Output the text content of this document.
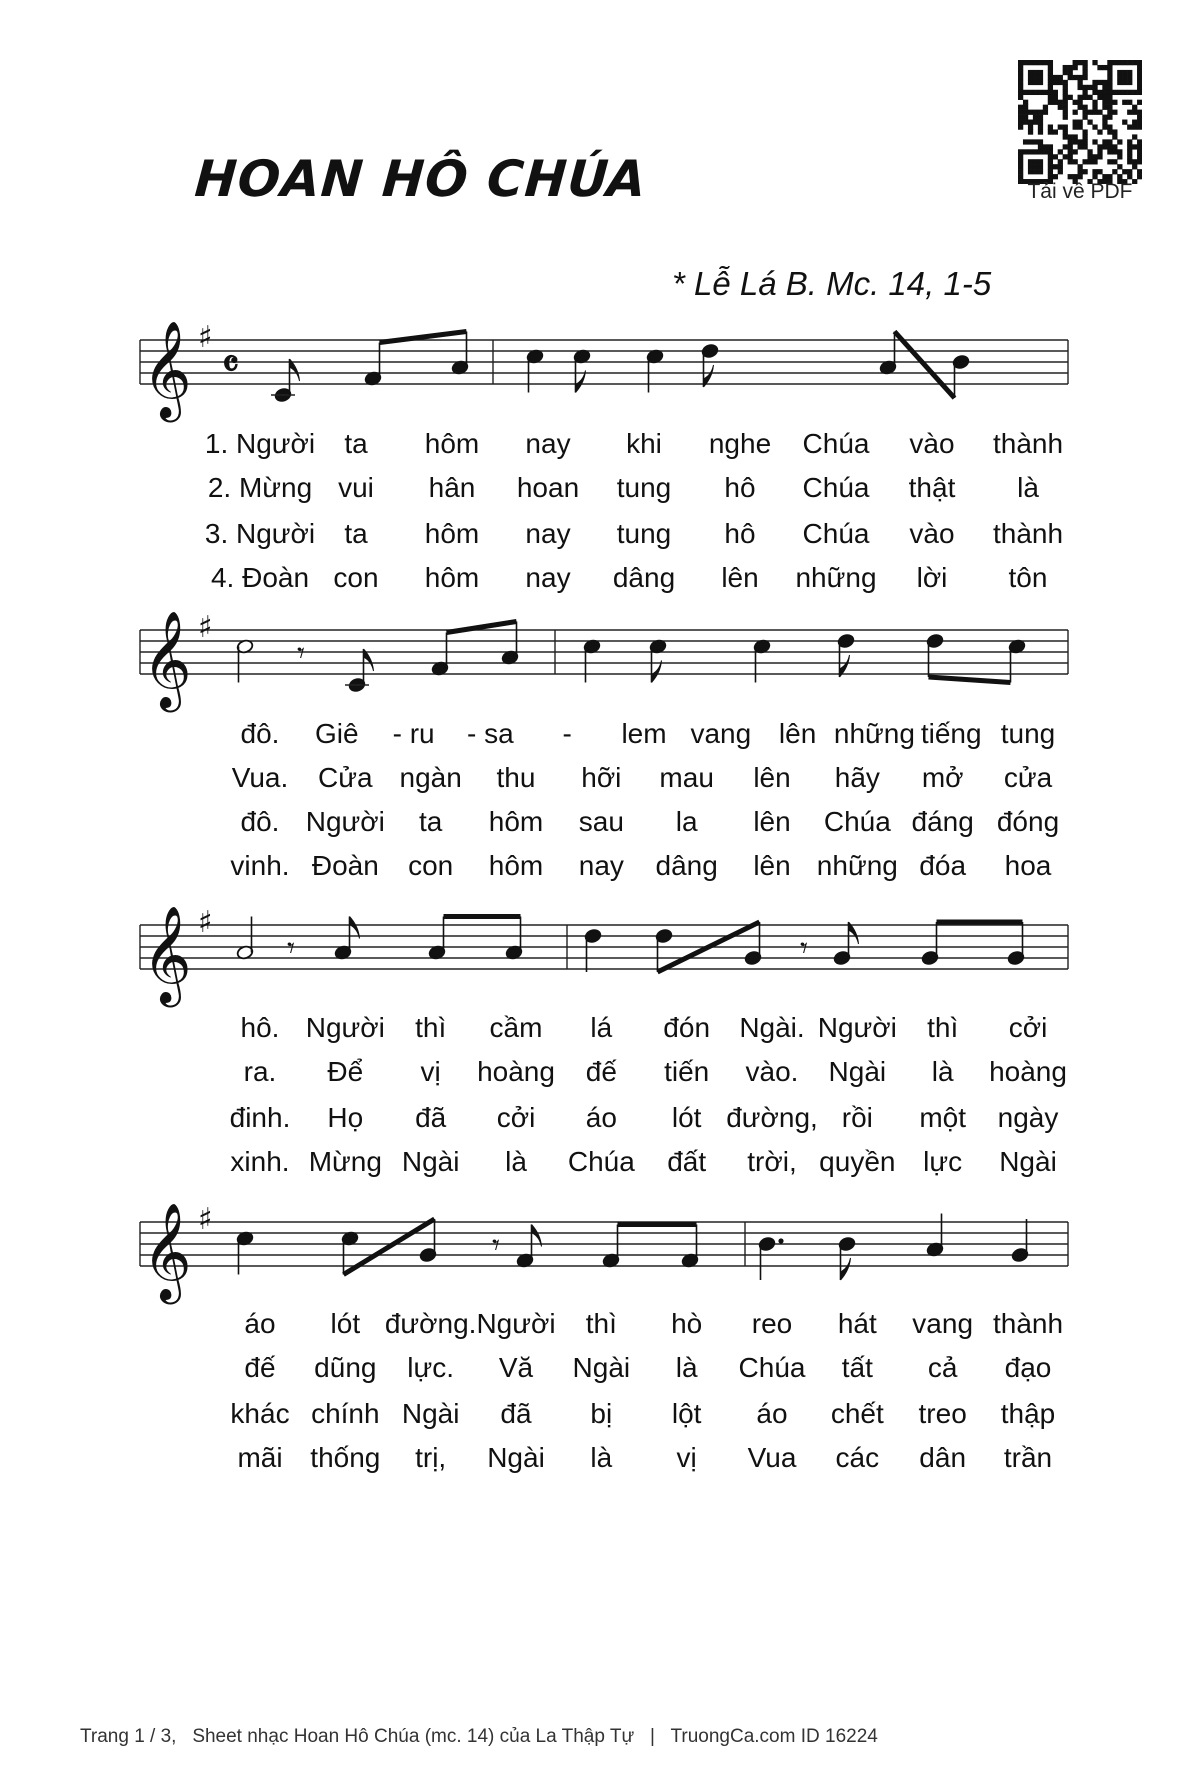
HOAN HÔ CHÚA	Tải về PDF
* Lễ Lá B. Mc. 14, 1-5
𝄞 ♯
𝄴
𝄞 ♯
𝄾
𝄞 ♯
𝄾	𝄾
𝄞 ♯
𝄾
1. Người ta hôm nay khi nghe Chúa vào thành
2. Mừng vui hân hoan tung hô Chúa thật là
3. Người ta hôm nay tung hô Chúa vào thành
4. Đoàn con hôm nay dâng lên những lời tôn
đô. Giê - ru - sa - lem vang lên những tiếng tung
Vua. Cửa ngàn thu hỡi mau lên hãy mở cửa
đô. Người ta hôm sau la lên Chúa đáng đóng
vinh. Đoàn con hôm nay dâng lên những đóa hoa
hô. Người thì cầm lá đón Ngài. Người thì cởi
ra. Để vị hoàng đế tiến vào. Ngài là hoàng
đinh. Họ đã cởi áo lót đường, rồi một ngày
xinh. Mừng Ngài là Chúa đất trời, quyền lực Ngài
áo lót đường. Người thì hò reo hát vang thành
đế dũng lực. Vă Ngài là Chúa tất cả đạo
khác chính Ngài đã bị lột áo chết treo thập
mãi thống trị, Ngài là vị Vua các dân trần
Trang 1 / 3, Sheet nhạc Hoan Hô Chúa (mc. 14) của La Thập Tự | TruongCa.com ID 16224
